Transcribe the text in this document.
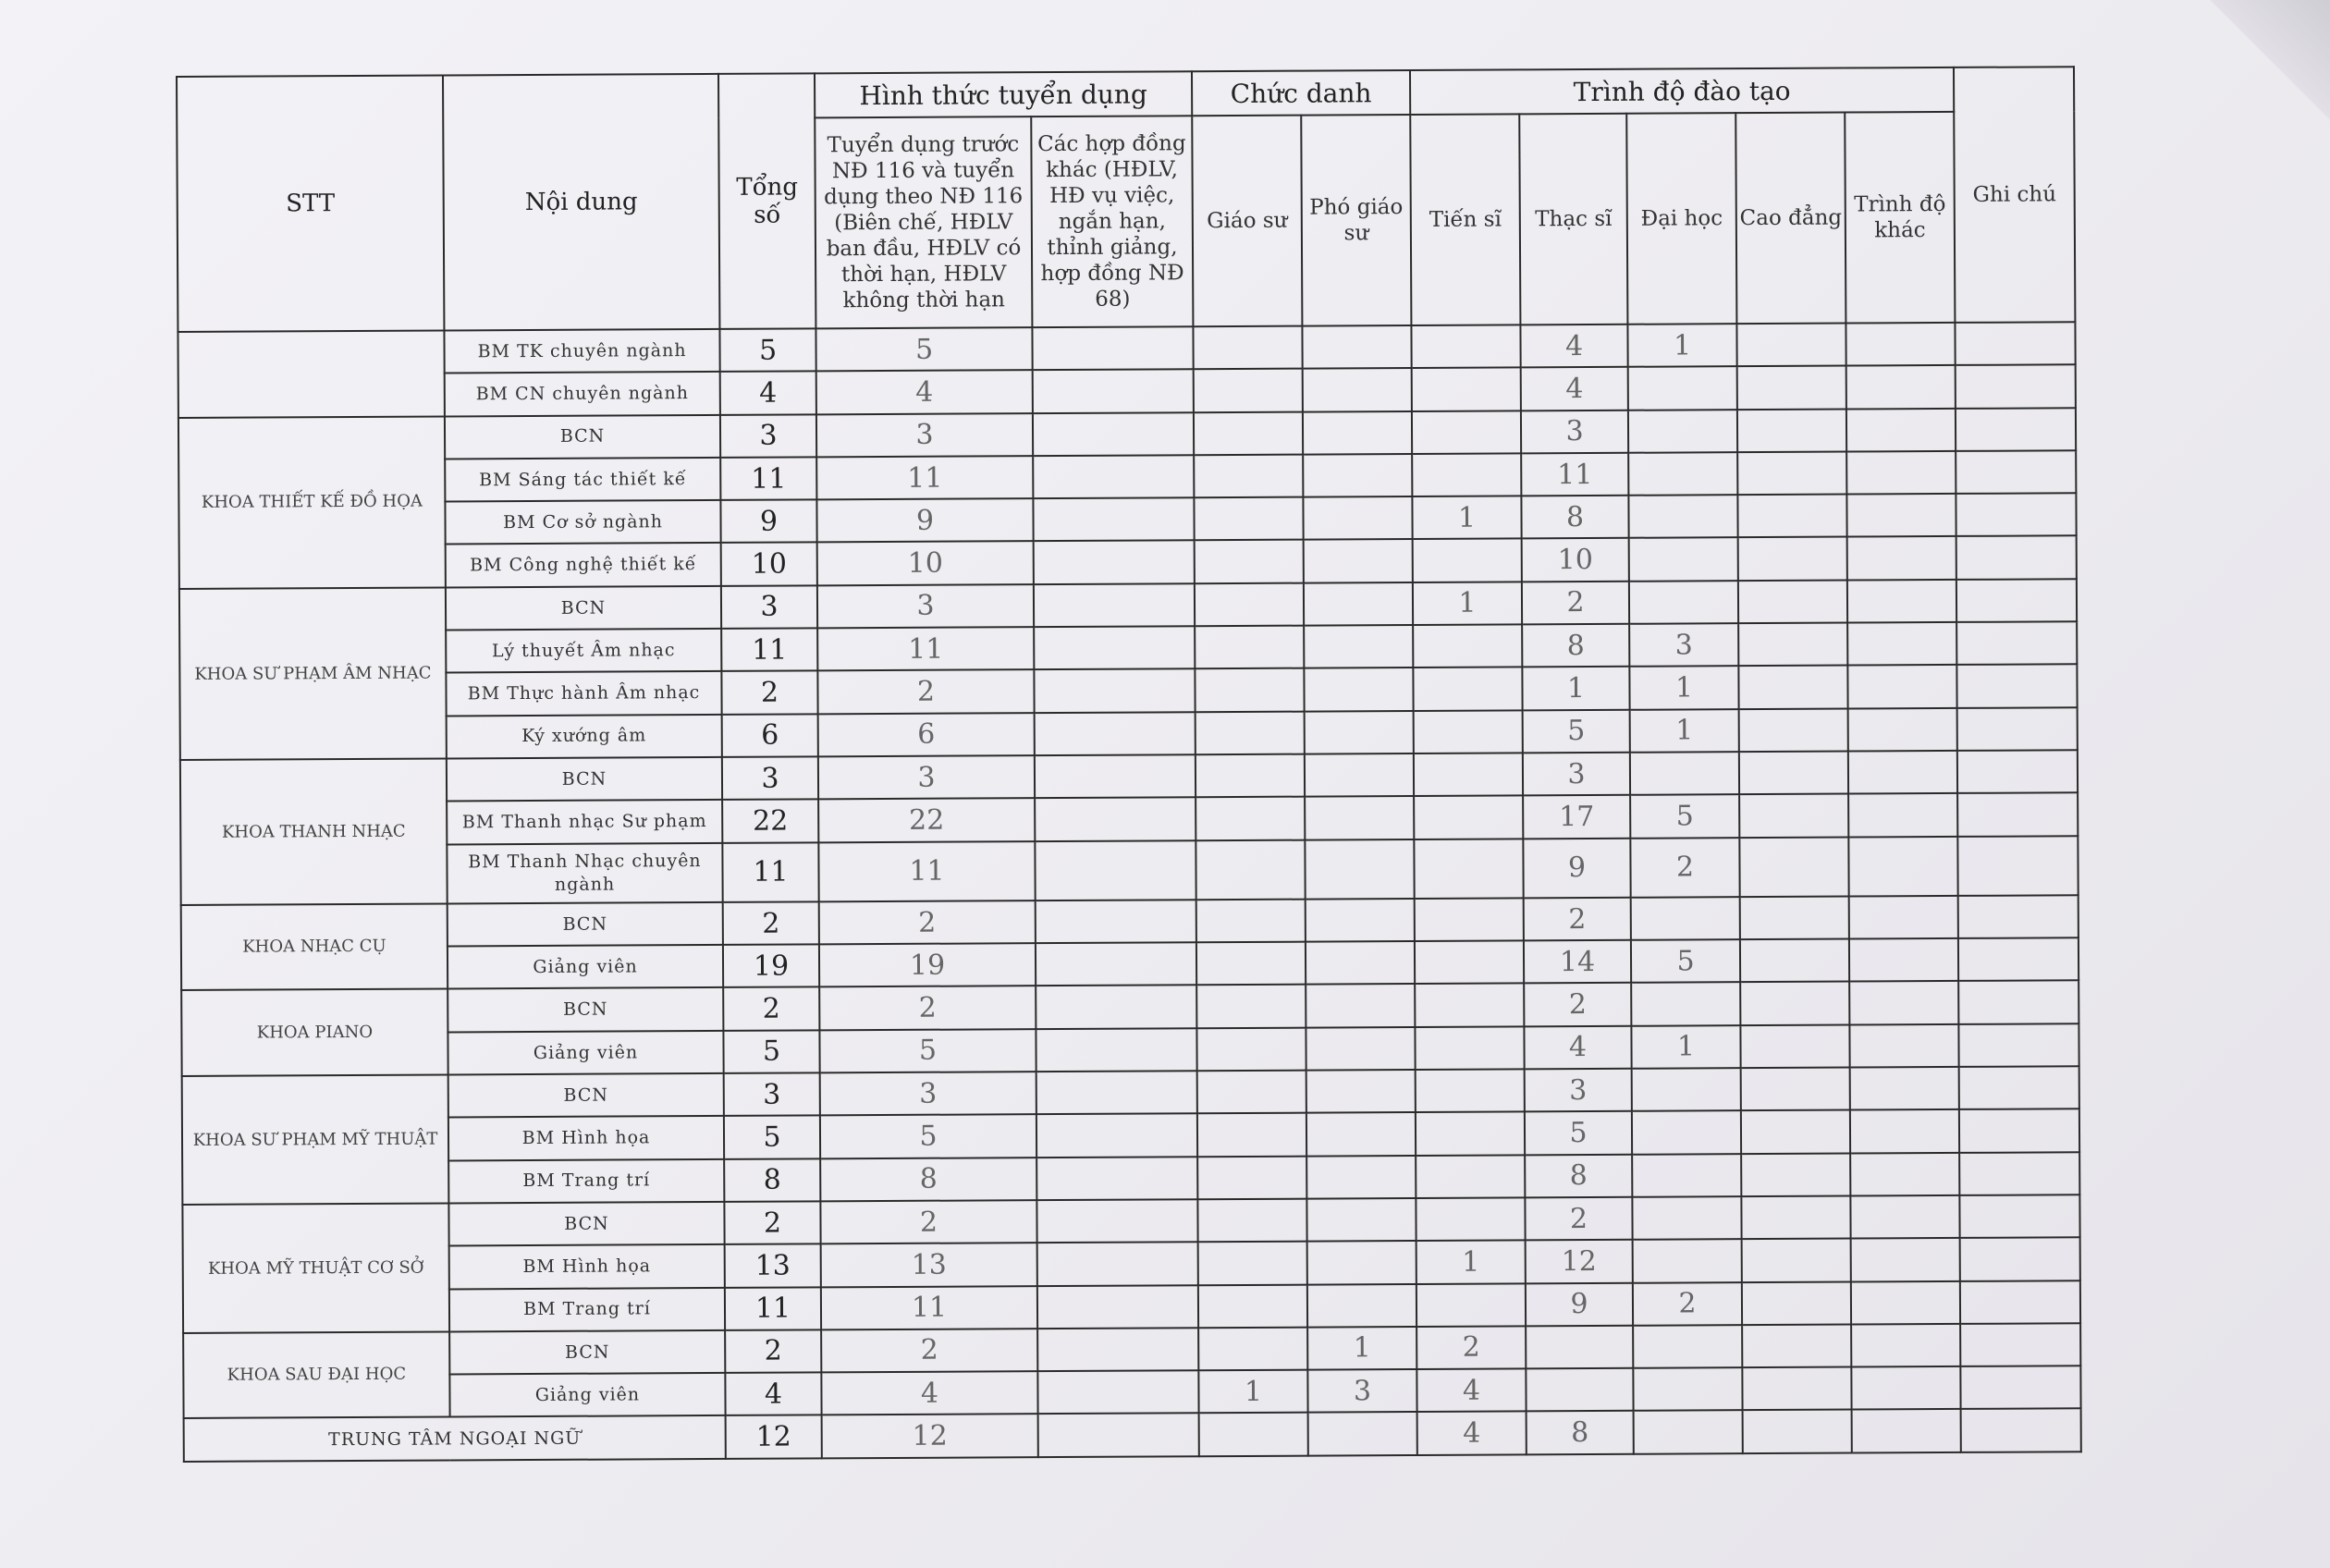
STT	Nội dung	Tổng số	Hình thức tuyển dụng		Chức danh		Trình độ đào tạo					Ghi chú
			Tuyển dụng trước NĐ 116 và tuyển dụng theo NĐ 116 (Biên chế, HĐLV ban đầu, HĐLV có thời hạn, HĐLV không thời hạn	Các hợp đồng khác (HĐLV, HĐ vụ việc, ngắn hạn, thỉnh giảng, hợp đồng NĐ 68)	Giáo sư	Phó giáo sư	Tiến sĩ	Thạc sĩ	Đại học	Cao đẳng	Trình độ khác	
	BM TK chuyên ngành	5	5					4	1			
	BM CN chuyên ngành	4	4					4				
KHOA THIẾT KẾ ĐỒ HỌA	BCN	3	3					3				
	BM Sáng tác thiết kế	11	11					11				
	BM Cơ sở ngành	9	9				1	8				
	BM Công nghệ thiết kế	10	10					10				
KHOA SƯ PHẠM ÂM NHẠC	BCN	3	3				1	2				
	Lý thuyết Âm nhạc	11	11					8	3			
	BM Thực hành Âm nhạc	2	2					1	1			
	Ký xướng âm	6	6					5	1			
KHOA THANH NHẠC	BCN	3	3					3				
	BM Thanh nhạc Sư phạm	22	22					17	5			
	BM Thanh Nhạc chuyên ngành	11	11					9	2			
KHOA NHẠC CỤ	BCN	2	2					2				
	Giảng viên	19	19					14	5			
KHOA PIANO	BCN	2	2					2				
	Giảng viên	5	5					4	1			
KHOA SƯ PHẠM MỸ THUẬT	BCN	3	3					3				
	BM Hình họa	5	5					5				
	BM Trang trí	8	8					8				
KHOA MỸ THUẬT CƠ SỞ	BCN	2	2					2				
	BM Hình họa	13	13				1	12				
	BM Trang trí	11	11					9	2			
KHOA SAU ĐẠI HỌC	BCN	2	2			1	2					
	Giảng viên	4	4		1	3	4					
TRUNG TÂM NGOẠI NGỮ		12	12				4	8				
